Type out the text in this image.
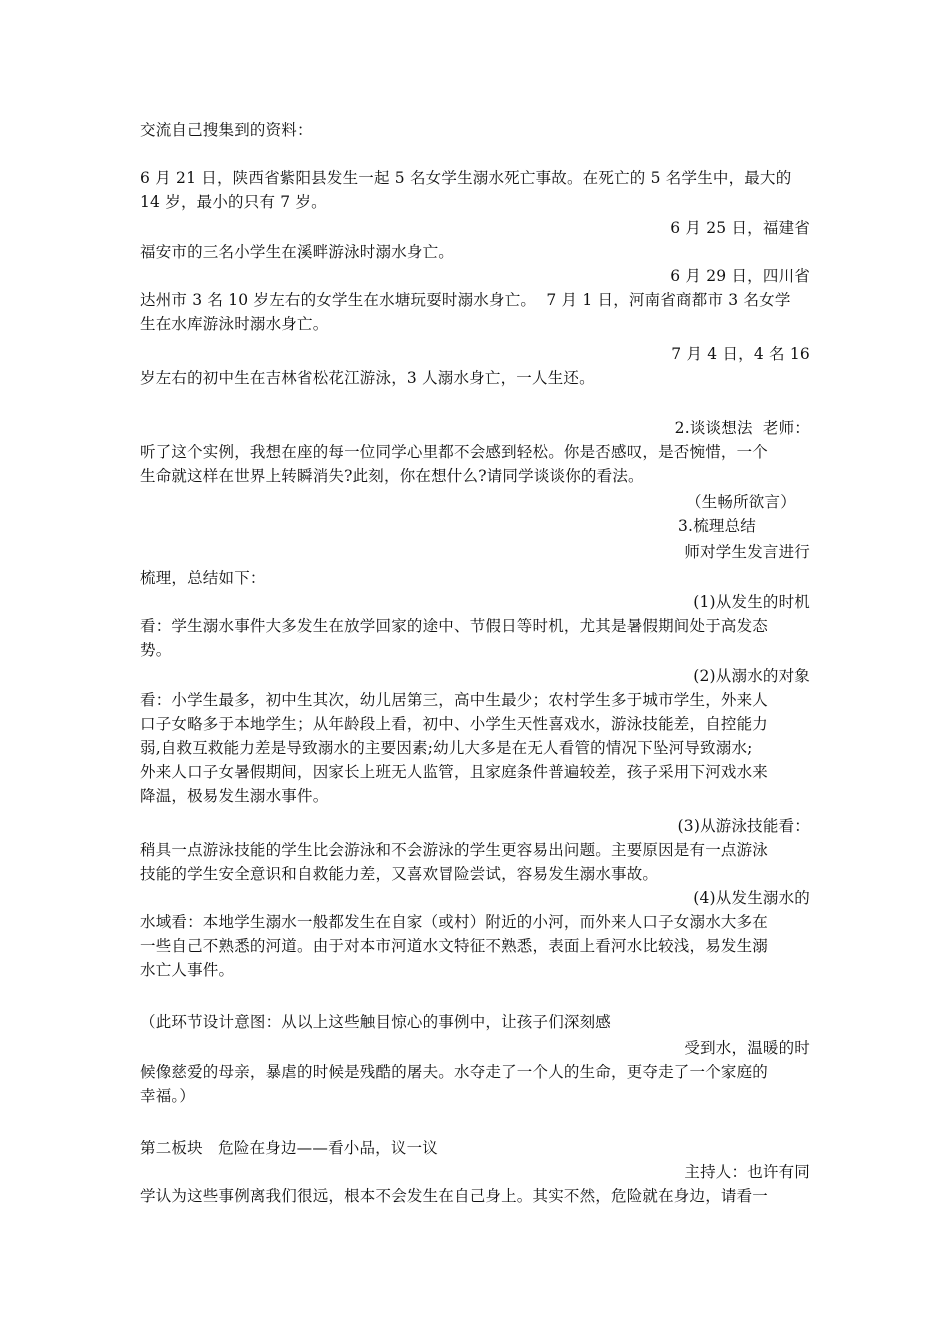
交流自己搜集到的资料：
6 月 21 日，陕西省紫阳县发生一起 5 名女学生溺水死亡事故。在死亡的 5 名学生中，最大的
14 岁，最小的只有 7 岁。
6 月 25 日，福建省
福安市的三名小学生在溪畔游泳时溺水身亡。
6 月 29 日，四川省
达州市 3 名 10 岁左右的女学生在水塘玩耍时溺水身亡。  7 月 1 日，河南省商都市 3 名女学
生在水库游泳时溺水身亡。
7 月 4 日，4 名 16
岁左右的初中生在吉林省松花江游泳，3 人溺水身亡，一人生还。
2.谈谈想法  老师：
听了这个实例，我想在座的每一位同学心里都不会感到轻松。你是否感叹，是否惋惜，一个
生命就这样在世界上转瞬消失?此刻，你在想什么?请同学谈谈你的看法。
（生畅所欲言）
3.梳理总结
师对学生发言进行
梳理，总结如下：
(1)从发生的时机
看：学生溺水事件大多发生在放学回家的途中、节假日等时机，尤其是暑假期间处于高发态
势。
(2)从溺水的对象
看：小学生最多，初中生其次，幼儿居第三，高中生最少；农村学生多于城市学生，外来人
口子女略多于本地学生；从年龄段上看，初中、小学生天性喜戏水，游泳技能差，自控能力
弱,自救互救能力差是导致溺水的主要因素;幼儿大多是在无人看管的情况下坠河导致溺水;
外来人口子女暑假期间，因家长上班无人监管，且家庭条件普遍较差，孩子采用下河戏水来
降温，极易发生溺水事件。
(3)从游泳技能看：
稍具一点游泳技能的学生比会游泳和不会游泳的学生更容易出问题。主要原因是有一点游泳
技能的学生安全意识和自救能力差，又喜欢冒险尝试，容易发生溺水事故。
(4)从发生溺水的
水域看：本地学生溺水一般都发生在自家（或村）附近的小河，而外来人口子女溺水大多在
一些自己不熟悉的河道。由于对本市河道水文特征不熟悉，表面上看河水比较浅，易发生溺
水亡人事件。
（此环节设计意图：从以上这些触目惊心的事例中，让孩子们深刻感
受到水，温暖的时
候像慈爱的母亲，暴虐的时候是残酷的屠夫。水夺走了一个人的生命，更夺走了一个家庭的
幸福。）
第二板块   危险在身边——看小品，议一议
主持人：也许有同
学认为这些事例离我们很远，根本不会发生在自己身上。其实不然，危险就在身边，请看一
